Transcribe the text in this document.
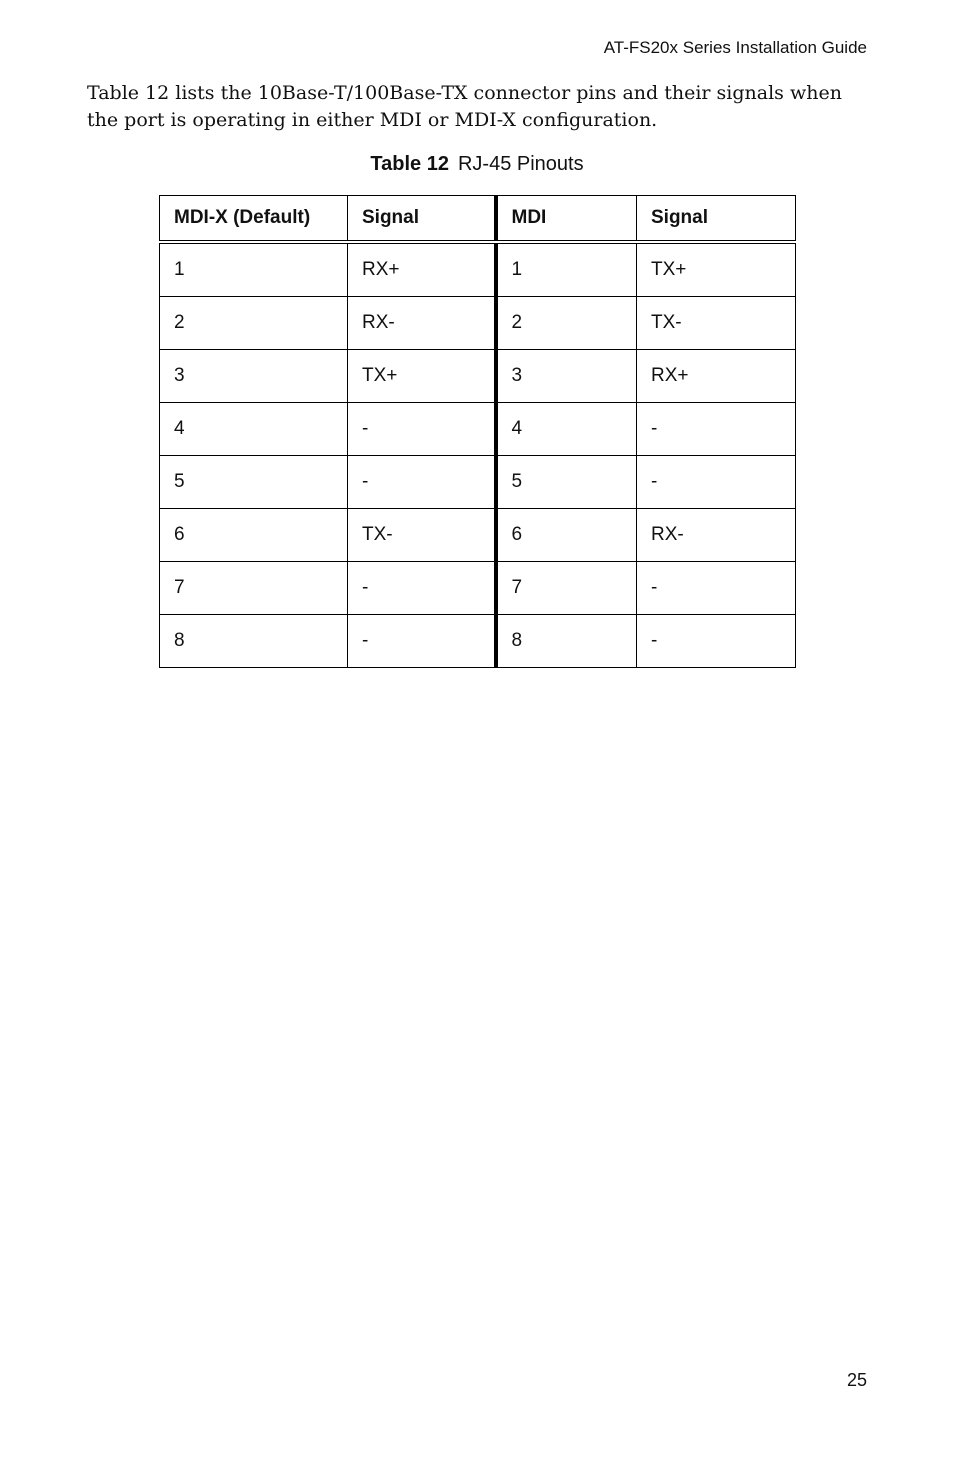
AT-FS20x Series Installation Guide

Table 12 lists the 10Base-T/100Base-TX connector pins and their signals when the port is operating in either MDI or MDI-X configuration.

Table 12 RJ-45 Pinouts
MDI-X (Default)	Signal	MDI	Signal
1	RX+	1	TX+
2	RX-	2	TX-
3	TX+	3	RX+
4	-	4	-
5	-	5	-
6	TX-	6	RX-
7	-	7	-
8	-	8	-
25
